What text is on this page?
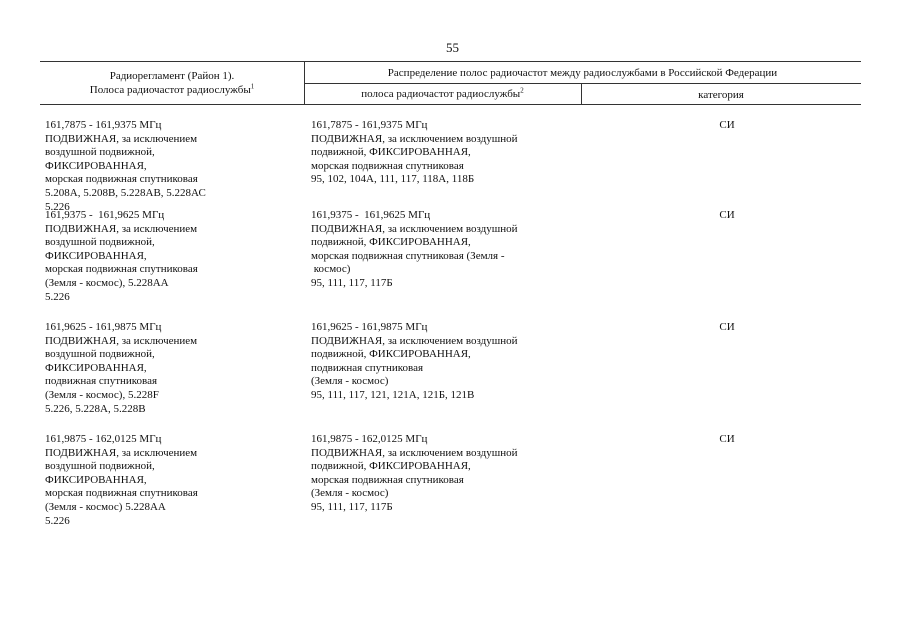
55
Радиорегламент (Район 1).
Полоса радиочастот радиослужбы$^1$
Распределение полос радиочастот между радиослужбами в Российской Федерации
полоса радиочастот радиослужбы$^2$	категория
161,7875 - 161,9375 МГц
ПОДВИЖНАЯ, за исключением
воздушной подвижной,
ФИКСИРОВАННАЯ,
морская подвижная спутниковая
5.208А, 5.208В, 5.228АВ, 5.228АС
5.226
161,7875 - 161,9375 МГц
ПОДВИЖНАЯ, за исключением воздушной
подвижной, ФИКСИРОВАННАЯ,
морская подвижная спутниковая
95, 102, 104А, 111, 117, 118А, 118Б
СИ
161,9375 -  161,9625 МГц
ПОДВИЖНАЯ, за исключением
воздушной подвижной,
ФИКСИРОВАННАЯ,
морская подвижная спутниковая
(Земля - космос), 5.228АА
5.226
161,9375 -  161,9625 МГц
ПОДВИЖНАЯ, за исключением воздушной
подвижной, ФИКСИРОВАННАЯ,
морская подвижная спутниковая (Земля -
космос)
95, 111, 117, 117Б
СИ
161,9625 - 161,9875 МГц
ПОДВИЖНАЯ, за исключением
воздушной подвижной,
ФИКСИРОВАННАЯ,
подвижная спутниковая
(Земля - космос), 5.228F
5.226, 5.228А, 5.228В
161,9625 - 161,9875 МГц
ПОДВИЖНАЯ, за исключением воздушной
подвижной, ФИКСИРОВАННАЯ,
подвижная спутниковая
(Земля - космос)
95, 111, 117, 121, 121А, 121Б, 121В
СИ
161,9875 - 162,0125 МГц
ПОДВИЖНАЯ, за исключением
воздушной подвижной,
ФИКСИРОВАННАЯ,
морская подвижная спутниковая
(Земля - космос) 5.228АА
5.226
161,9875 - 162,0125 МГц
ПОДВИЖНАЯ, за исключением воздушной
подвижной, ФИКСИРОВАННАЯ,
морская подвижная спутниковая
(Земля - космос)
95, 111, 117, 117Б
СИ
